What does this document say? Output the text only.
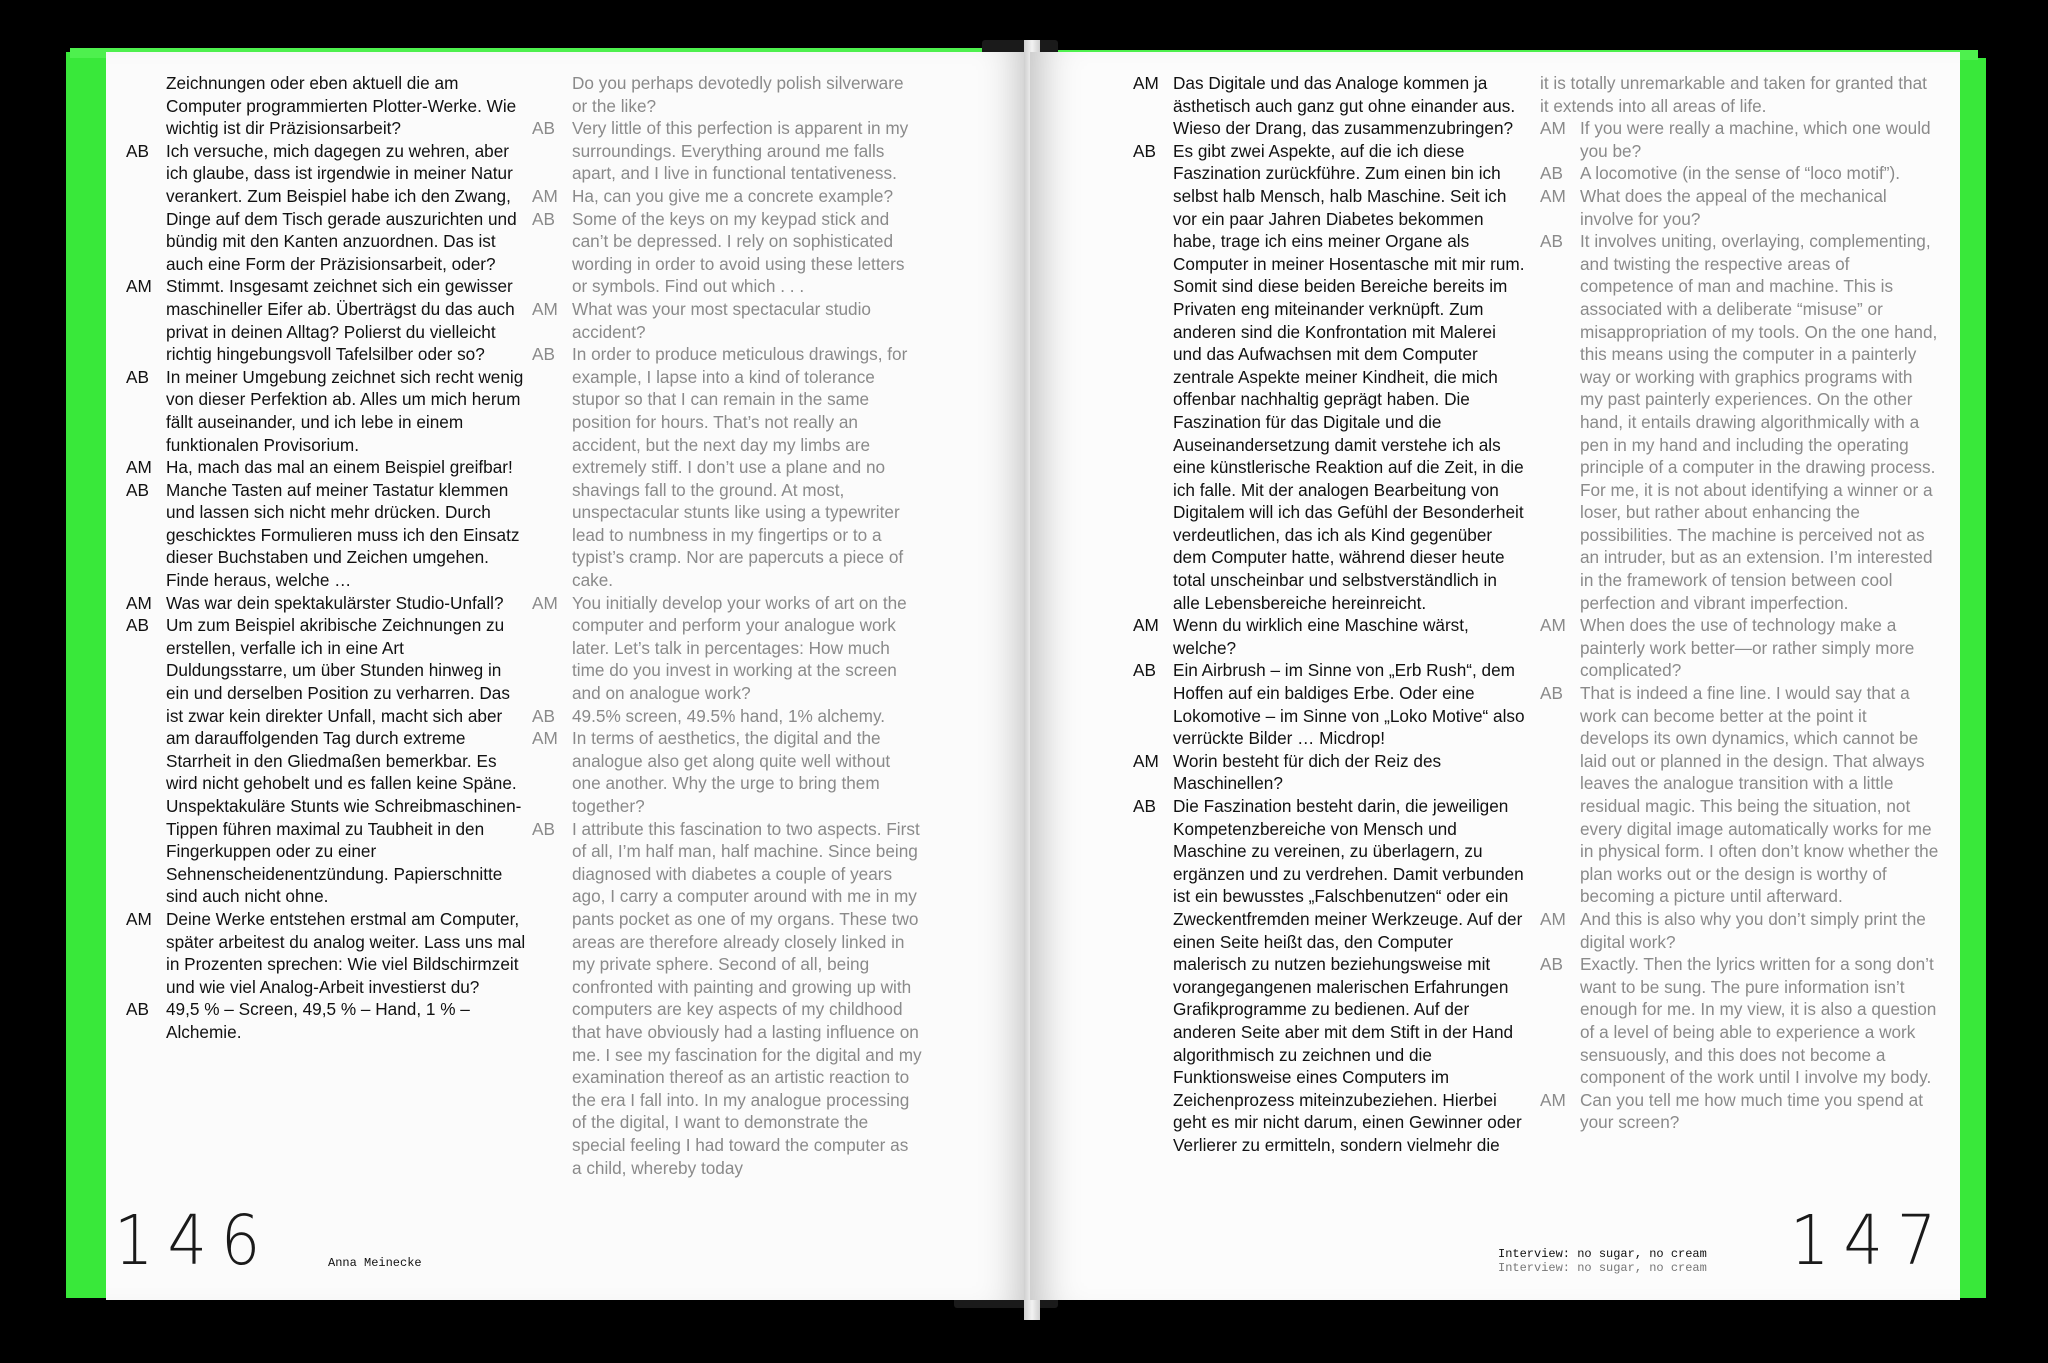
Zeichnungen oder eben aktuell die am Computer programmierten Plotter-Werke. Wie wichtig ist dir Präzisionsarbeit?

AB Ich versuche, mich dagegen zu wehren, aber ich glaube, dass ist irgendwie in meiner Natur verankert. Zum Beispiel habe ich den Zwang, Dinge auf dem Tisch gerade auszurichten und bündig mit den Kanten anzuordnen. Das ist auch eine Form der Präzisionsarbeit, oder?

AM Stimmt. Insgesamt zeichnet sich ein gewisser maschineller Eifer ab. Überträgst du das auch privat in deinen Alltag? Polierst du vielleicht richtig hingebungsvoll Tafelsilber oder so?

AB In meiner Umgebung zeichnet sich recht wenig von dieser Perfektion ab. Alles um mich herum fällt auseinander, und ich lebe in einem funktionalen Provisorium.

AM Ha, mach das mal an einem Beispiel greifbar!

AB Manche Tasten auf meiner Tastatur klemmen und lassen sich nicht mehr drücken. Durch geschicktes Formulieren muss ich den Einsatz dieser Buchstaben und Zeichen umgehen. Finde heraus, welche …

AM Was war dein spektakulärster Studio-Unfall?

AB Um zum Beispiel akribische Zeichnungen zu erstellen, verfalle ich in eine Art Duldungsstarre, um über Stunden hinweg in ein und derselben Position zu verharren. Das ist zwar kein direkter Unfall, macht sich aber am darauffolgenden Tag durch extreme Starrheit in den Gliedmaßen bemerkbar. Es wird nicht gehobelt und es fallen keine Späne. Unspektakuläre Stunts wie Schreibmaschinen-Tippen führen maximal zu Taubheit in den Fingerkuppen oder zu einer Sehnenscheidenentzündung. Papierschnitte sind auch nicht ohne.

AM Deine Werke entstehen erstmal am Computer, später arbeitest du analog weiter. Lass uns mal in Prozenten sprechen: Wie viel Bildschirmzeit und wie viel Analog-Arbeit investierst du?

AB 49,5 % – Screen, 49,5 % – Hand, 1 % – Alchemie.

Do you perhaps devotedly polish silverware or the like?

AB Very little of this perfection is apparent in my surroundings. Everything around me falls apart, and I live in functional tentativeness.

AM Ha, can you give me a concrete example?

AB Some of the keys on my keypad stick and can’t be depressed. I rely on sophisticated wording in order to avoid using these letters or symbols. Find out which . . .

AM What was your most spectacular studio accident?

AB In order to produce meticulous drawings, for example, I lapse into a kind of tolerance stupor so that I can remain in the same position for hours. That’s not really an accident, but the next day my limbs are extremely stiff. I don’t use a plane and no shavings fall to the ground. At most, unspectacular stunts like using a typewriter lead to numbness in my fingertips or to a typist’s cramp. Nor are papercuts a piece of cake.

AM You initially develop your works of art on the computer and perform your analogue work later. Let’s talk in percentages: How much time do you invest in working at the screen and on analogue work?

AB 49.5% screen, 49.5% hand, 1% alchemy.

AM In terms of aesthetics, the digital and the analogue also get along quite well without one another. Why the urge to bring them together?

AB I attribute this fascination to two aspects. First of all, I’m half man, half machine. Since being diagnosed with diabetes a couple of years ago, I carry a computer around with me in my pants pocket as one of my organs. These two areas are therefore already closely linked in my private sphere. Second of all, being confronted with painting and growing up with computers are key aspects of my childhood that have obviously had a lasting influence on me. I see my fascination for the digital and my examination thereof as an artistic reaction to the era I fall into. In my analogue processing of the digital, I want to demonstrate the special feeling I had toward the computer as a child, whereby today

146	Anna Meinecke

AM Das Digitale und das Analoge kommen ja ästhetisch auch ganz gut ohne einander aus. Wieso der Drang, das zusammenzubringen?

AB Es gibt zwei Aspekte, auf die ich diese Faszination zurückführe. Zum einen bin ich selbst halb Mensch, halb Maschine. Seit ich vor ein paar Jahren Diabetes bekommen habe, trage ich eins meiner Organe als Computer in meiner Hosentasche mit mir rum. Somit sind diese beiden Bereiche bereits im Privaten eng miteinander verknüpft. Zum anderen sind die Konfrontation mit Malerei und das Aufwachsen mit dem Computer zentrale Aspekte meiner Kindheit, die mich offenbar nachhaltig geprägt haben. Die Faszination für das Digitale und die Auseinandersetzung damit verstehe ich als eine künstlerische Reaktion auf die Zeit, in die ich falle. Mit der analogen Bearbeitung von Digitalem will ich das Gefühl der Besonderheit verdeutlichen, das ich als Kind gegenüber dem Computer hatte, während dieser heute total unscheinbar und selbstverständlich in alle Lebensbereiche hereinreicht.

AM Wenn du wirklich eine Maschine wärst, welche?

AB Ein Airbrush – im Sinne von „Erb Rush“, dem Hoffen auf ein baldiges Erbe. Oder eine Lokomotive – im Sinne von „Loko Motive“ also verrückte Bilder … Micdrop!

AM Worin besteht für dich der Reiz des Maschinellen?

AB Die Faszination besteht darin, die jeweiligen Kompetenzbereiche von Mensch und Maschine zu vereinen, zu überlagern, zu ergänzen und zu verdrehen. Damit verbunden ist ein bewusstes „Falschbenutzen“ oder ein Zweckentfremden meiner Werkzeuge. Auf der einen Seite heißt das, den Computer malerisch zu nutzen beziehungsweise mit vorangegangenen malerischen Erfahrungen Grafikprogramme zu bedienen. Auf der anderen Seite aber mit dem Stift in der Hand algorithmisch zu zeichnen und die Funktionsweise eines Computers im Zeichenprozess miteinzubeziehen. Hierbei geht es mir nicht darum, einen Gewinner oder Verlierer zu ermitteln, sondern vielmehr die

it is totally unremarkable and taken for granted that it extends into all areas of life.

AM If you were really a machine, which one would you be?

AB A locomotive (in the sense of “loco motif”).

AM What does the appeal of the mechanical involve for you?

AB It involves uniting, overlaying, complementing, and twisting the respective areas of competence of man and machine. This is associated with a deliberate “misuse” or misappropriation of my tools. On the one hand, this means using the computer in a painterly way or working with graphics programs with my past painterly experiences. On the other hand, it entails drawing algorithmically with a pen in my hand and including the operating principle of a computer in the drawing process. For me, it is not about identifying a winner or a loser, but rather about enhancing the possibilities. The machine is perceived not as an intruder, but as an extension. I’m interested in the framework of tension between cool perfection and vibrant imperfection.

AM When does the use of technology make a painterly work better—or rather simply more complicated?

AB That is indeed a fine line. I would say that a work can become better at the point it develops its own dynamics, which cannot be laid out or planned in the design. That always leaves the analogue transition with a little residual magic. This being the situation, not every digital image automatically works for me in physical form. I often don’t know whether the plan works out or the design is worthy of becoming a picture until afterward.

AM And this is also why you don’t simply print the digital work?

AB Exactly. Then the lyrics written for a song don’t want to be sung. The pure information isn’t enough for me. In my view, it is also a question of a level of being able to experience a work sensuously, and this does not become a component of the work until I involve my body.

AM Can you tell me how much time you spend at your screen?

Interview: no sugar, no cream
Interview: no sugar, no cream 147
